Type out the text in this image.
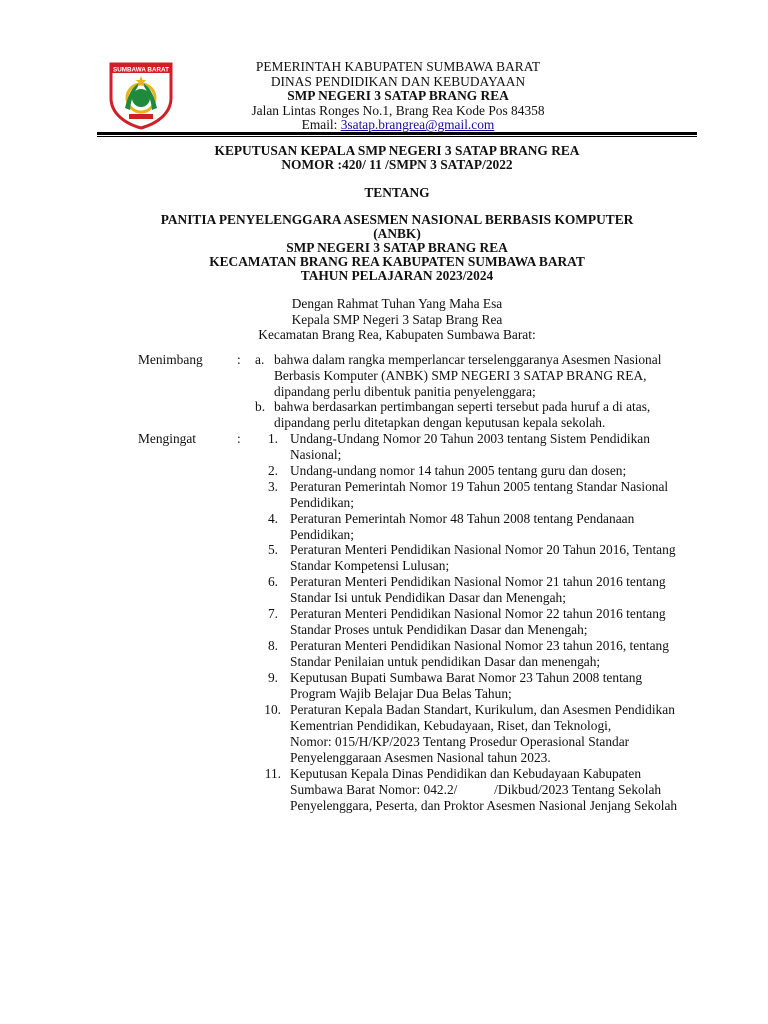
SUMBAWA BARAT	PEMERINTAH KABUPATEN SUMBAWA BARAT
DINAS PENDIDIKAN DAN KEBUDAYAAN
SMP NEGERI 3 SATAP BRANG REA
Jalan Lintas Ronges No.1, Brang Rea Kode Pos 84358
Email: 3satap.brangrea@gmail.com
KEPUTUSAN KEPALA SMP NEGERI 3 SATAP BRANG REA
NOMOR :420/ 11 /SMPN 3 SATAP/2022
TENTANG
PANITIA PENYELENGGARA ASESMEN NASIONAL BERBASIS KOMPUTER
(ANBK)
SMP NEGERI 3 SATAP BRANG REA
KECAMATAN BRANG REA KABUPATEN SUMBAWA BARAT
TAHUN PELAJARAN 2023/2024
Dengan Rahmat Tuhan Yang Maha Esa
Kepala SMP Negeri 3 Satap Brang Rea
Kecamatan Brang Rea, Kabupaten Sumbawa Barat:
Menimbang	: a. bahwa dalam rangka memperlancar terselenggaranya Asesmen Nasional
Berbasis Komputer (ANBK) SMP NEGERI 3 SATAP BRANG REA,
dipandang perlu dibentuk panitia penyelenggara;
b. bahwa berdasarkan pertimbangan seperti tersebut pada huruf a di atas,
dipandang perlu ditetapkan dengan keputusan kepala sekolah.
Mengingat	:	1. Undang-Undang Nomor 20 Tahun 2003 tentang Sistem Pendidikan
Nasional;
2. Undang-undang nomor 14 tahun 2005 tentang guru dan dosen;
3. Peraturan Pemerintah Nomor 19 Tahun 2005 tentang Standar Nasional
Pendidikan;
4. Peraturan Pemerintah Nomor 48 Tahun 2008 tentang Pendanaan
Pendidikan;
5. Peraturan Menteri Pendidikan Nasional Nomor 20 Tahun 2016, Tentang
Standar Kompetensi Lulusan;
6. Peraturan Menteri Pendidikan Nasional Nomor 21 tahun 2016 tentang
Standar Isi untuk Pendidikan Dasar dan Menengah;
7. Peraturan Menteri Pendidikan Nasional Nomor 22 tahun 2016 tentang
Standar Proses untuk Pendidikan Dasar dan Menengah;
8. Peraturan Menteri Pendidikan Nasional Nomor 23 tahun 2016, tentang
Standar Penilaian untuk pendidikan Dasar dan menengah;
9. Keputusan Bupati Sumbawa Barat Nomor 23 Tahun 2008 tentang
Program Wajib Belajar Dua Belas Tahun;
10. Peraturan Kepala Badan Standart, Kurikulum, dan Asesmen Pendidikan
Kementrian Pendidikan, Kebudayaan, Riset, dan Teknologi,
Nomor: 015/H/KP/2023 Tentang Prosedur Operasional Standar
Penyelenggaraan Asesmen Nasional tahun 2023.
11. Keputusan Kepala Dinas Pendidikan dan Kebudayaan Kabupaten
Sumbawa Barat Nomor: 042.2/           /Dikbud/2023 Tentang Sekolah
Penyelenggara, Peserta, dan Proktor Asesmen Nasional Jenjang Sekolah
